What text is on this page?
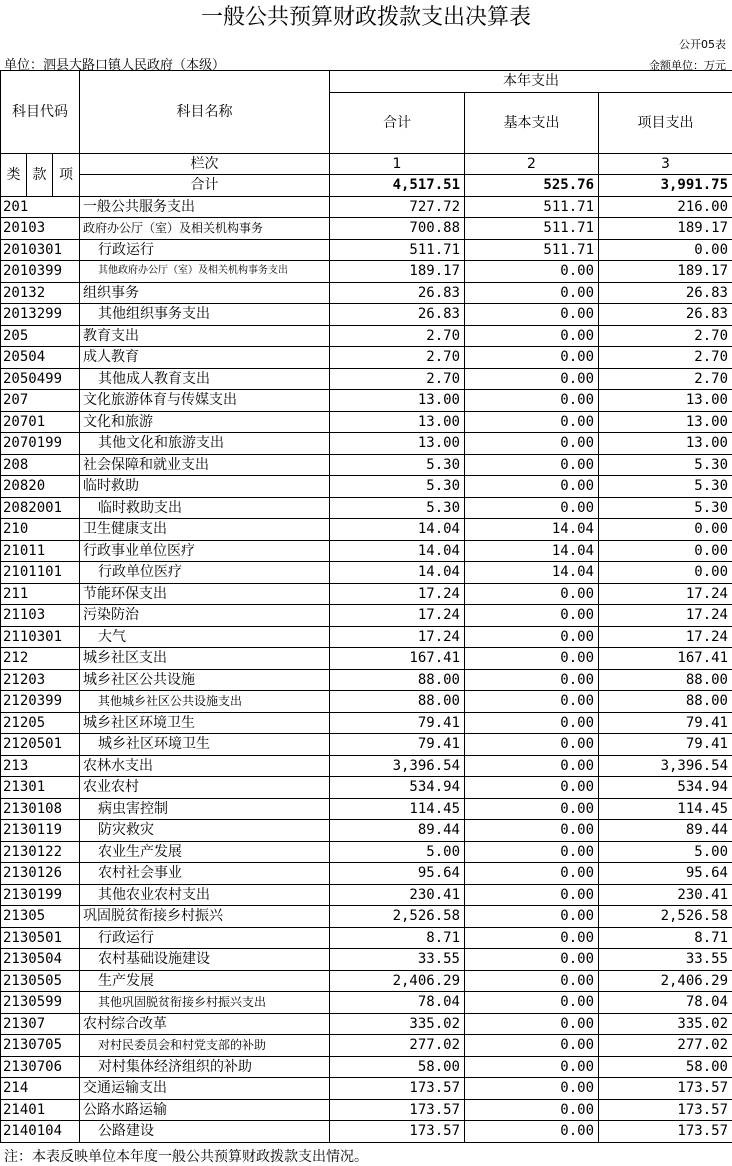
一般公共预算财政拨款支出决算表
公开05表
单位：泗县大路口镇人民政府（本级）	金额单位：万元
科目代码			科目名称	本年支出		
				合计	基本支出	项目支出

类	款	项	栏次	1	2	3
			合计	4,517.51	525.76	3,991.75
201			一般公共服务支出	727.72	511.71	216.00
20103			政府办公厅（室）及相关机构事务	700.88	511.71	189.17
2010301			行政运行	511.71	511.71	0.00
2010399			其他政府办公厅（室）及相关机构事务支出	189.17	0.00	189.17
20132			组织事务	26.83	0.00	26.83
2013299			其他组织事务支出	26.83	0.00	26.83
205			教育支出	2.70	0.00	2.70
20504			成人教育	2.70	0.00	2.70
2050499			其他成人教育支出	2.70	0.00	2.70
207			文化旅游体育与传媒支出	13.00	0.00	13.00
20701			文化和旅游	13.00	0.00	13.00
2070199			其他文化和旅游支出	13.00	0.00	13.00
208			社会保障和就业支出	5.30	0.00	5.30
20820			临时救助	5.30	0.00	5.30
2082001			临时救助支出	5.30	0.00	5.30
210			卫生健康支出	14.04	14.04	0.00
21011			行政事业单位医疗	14.04	14.04	0.00
2101101			行政单位医疗	14.04	14.04	0.00
211			节能环保支出	17.24	0.00	17.24
21103			污染防治	17.24	0.00	17.24
2110301			大气	17.24	0.00	17.24
212			城乡社区支出	167.41	0.00	167.41
21203			城乡社区公共设施	88.00	0.00	88.00
2120399			其他城乡社区公共设施支出	88.00	0.00	88.00
21205			城乡社区环境卫生	79.41	0.00	79.41
2120501			城乡社区环境卫生	79.41	0.00	79.41
213			农林水支出	3,396.54	0.00	3,396.54
21301			农业农村	534.94	0.00	534.94
2130108			病虫害控制	114.45	0.00	114.45
2130119			防灾救灾	89.44	0.00	89.44
2130122			农业生产发展	5.00	0.00	5.00
2130126			农村社会事业	95.64	0.00	95.64
2130199			其他农业农村支出	230.41	0.00	230.41
21305			巩固脱贫衔接乡村振兴	2,526.58	0.00	2,526.58
2130501			行政运行	8.71	0.00	8.71
2130504			农村基础设施建设	33.55	0.00	33.55
2130505			生产发展	2,406.29	0.00	2,406.29
2130599			其他巩固脱贫衔接乡村振兴支出	78.04	0.00	78.04
21307			农村综合改革	335.02	0.00	335.02
2130705			对村民委员会和村党支部的补助	277.02	0.00	277.02
2130706			对村集体经济组织的补助	58.00	0.00	58.00
214			交通运输支出	173.57	0.00	173.57
21401			公路水路运输	173.57	0.00	173.57
2140104			公路建设	173.57	0.00	173.57
注：本表反映单位本年度一般公共预算财政拨款支出情况。
